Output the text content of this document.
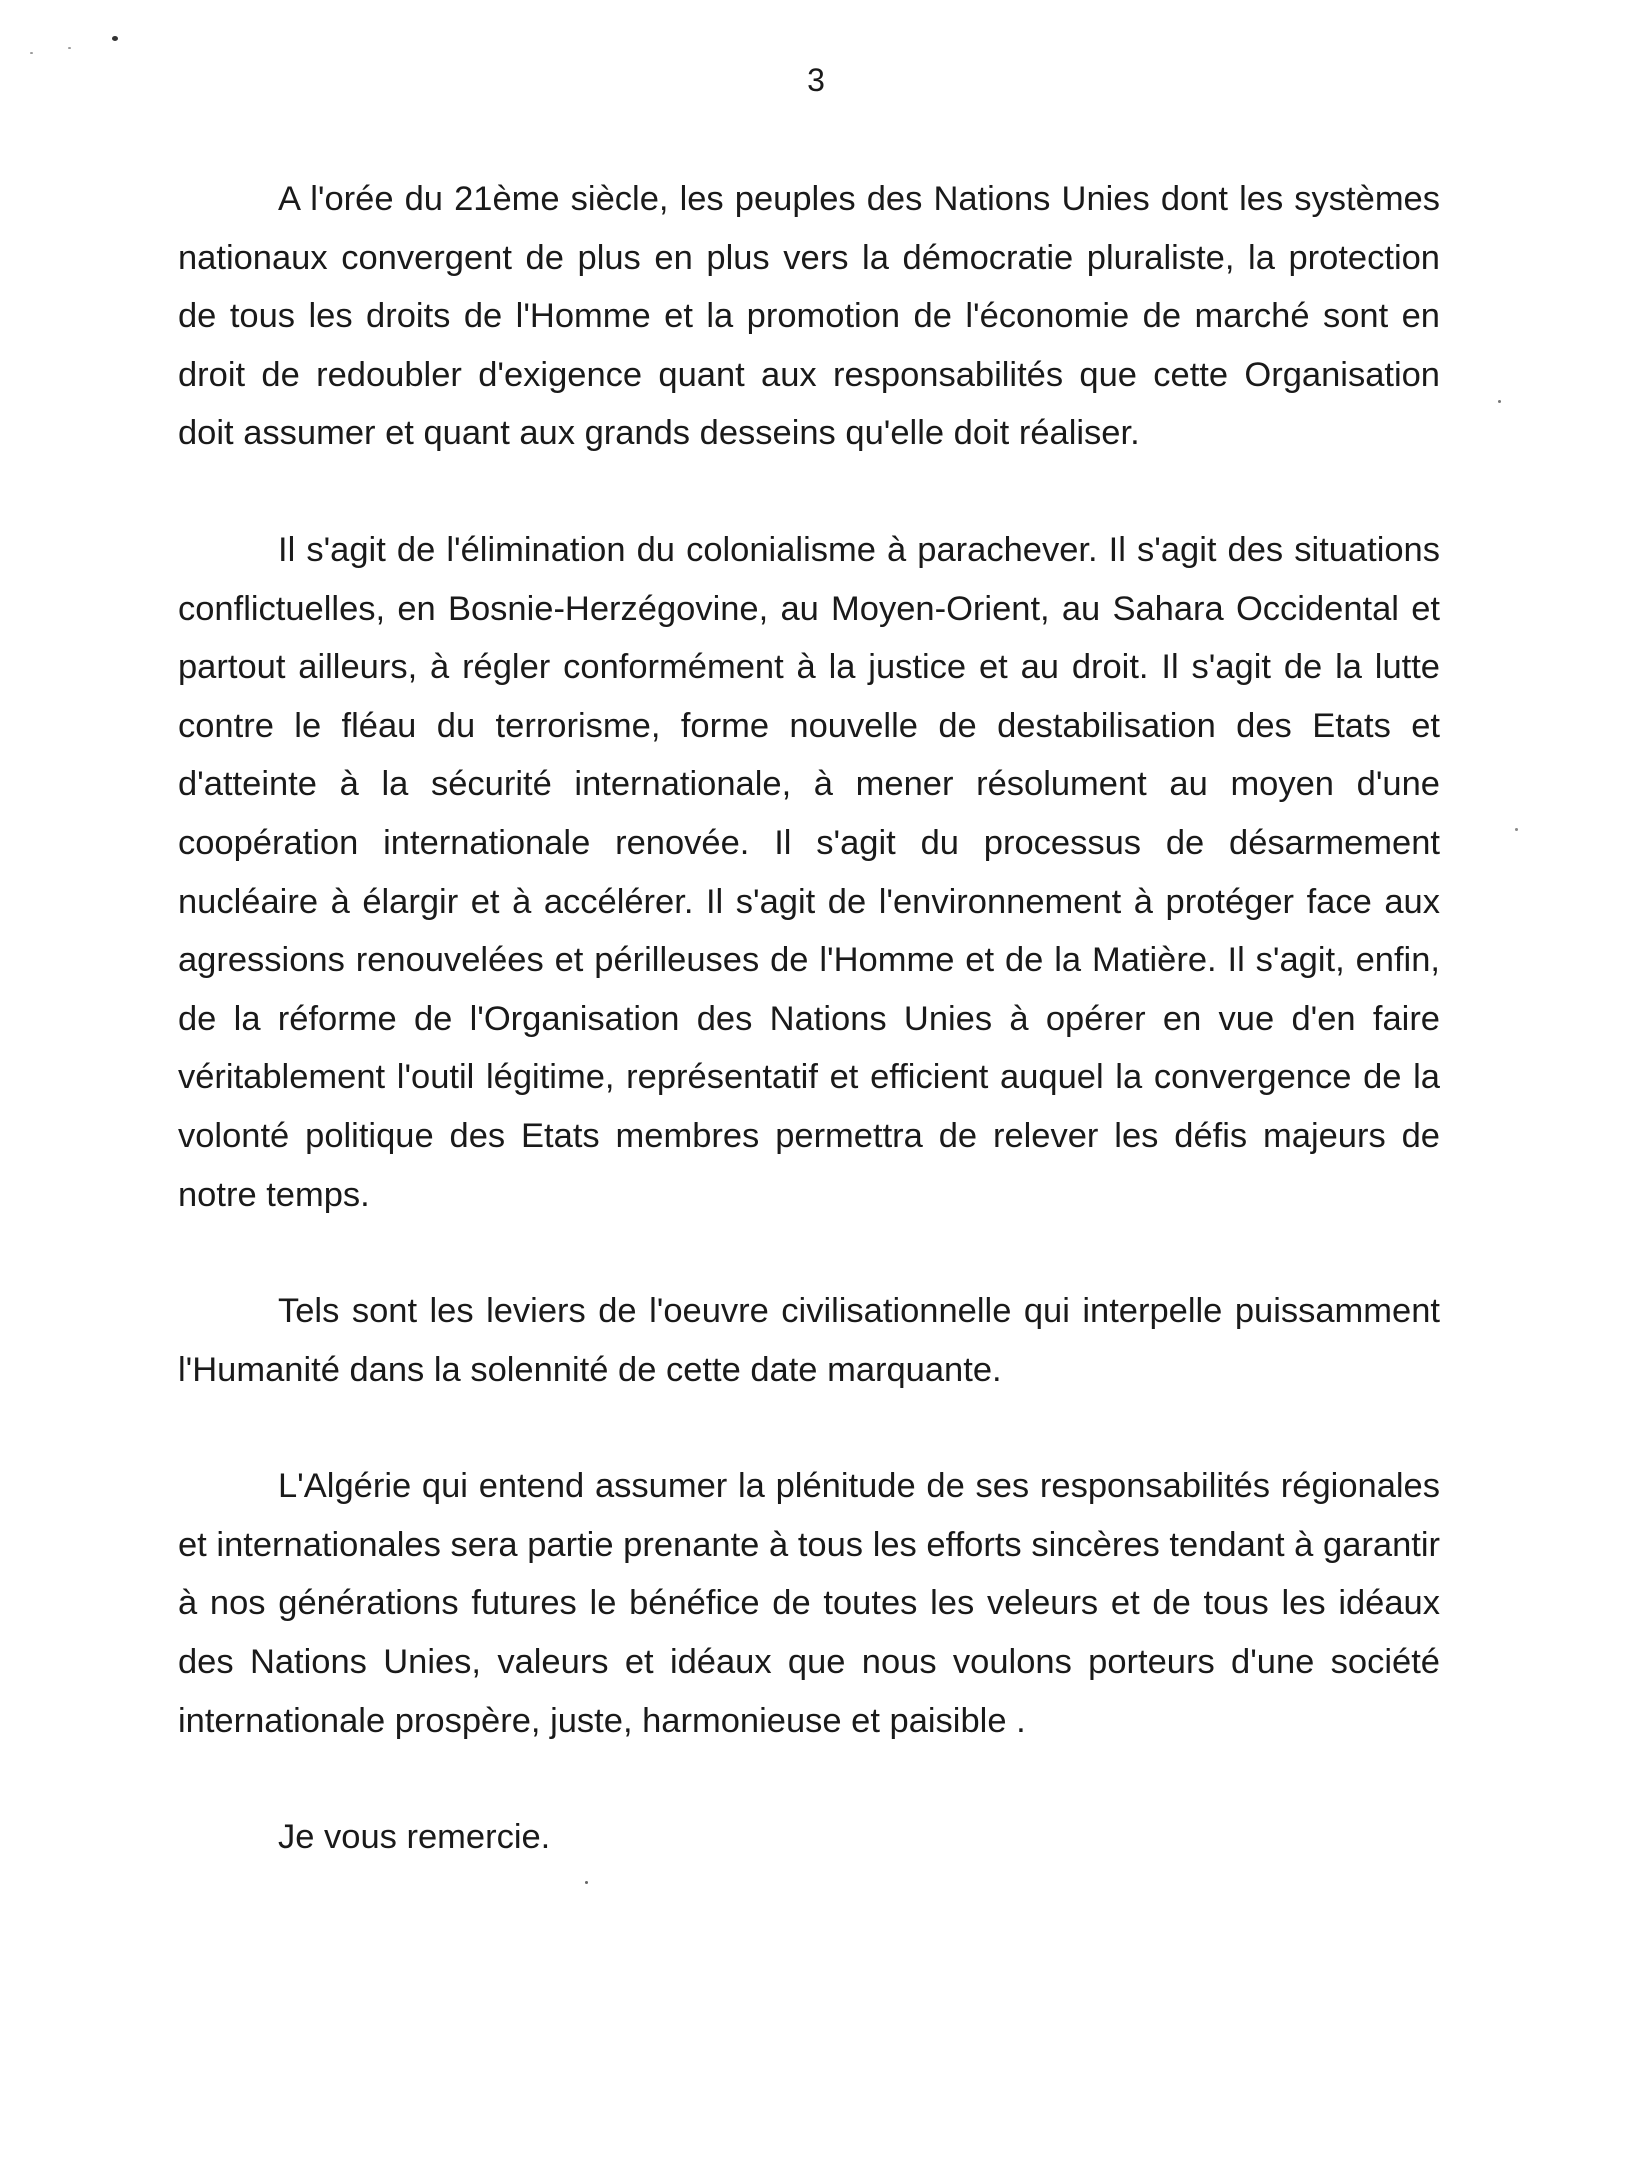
3

A l'orée du 21ème siècle, les peuples des Nations Unies dont les systèmes nationaux convergent de plus en plus vers la démocratie pluraliste, la protection de tous les droits de l'Homme et la promotion de l'économie de marché sont en droit de redoubler d'exigence quant aux responsabilités que cette Organisation doit assumer et quant aux grands desseins qu'elle doit réaliser.

Il s'agit de l'élimination du colonialisme à parachever. Il s'agit des situations conflictuelles, en Bosnie-Herzégovine, au Moyen-Orient, au Sahara Occidental et partout ailleurs, à régler conformément à la justice et au droit. Il s'agit de la lutte contre le fléau du terrorisme, forme nouvelle de destabilisation des Etats et d'atteinte à la sécurité internationale, à mener résolument au moyen d'une coopération internationale renovée. Il s'agit du processus de désarmement nucléaire à élargir et à accélérer. Il s'agit de l'environnement à protéger face aux agressions renouvelées et périlleuses de l'Homme et de la Matière. Il s'agit, enfin, de la réforme de l'Organisation des Nations Unies à opérer en vue d'en faire véritablement l'outil légitime, représentatif et efficient auquel la convergence de la volonté politique des Etats membres permettra de relever les défis majeurs de notre temps.

Tels sont les leviers de l'oeuvre civilisationnelle qui interpelle puissamment l'Humanité dans la solennité de cette date marquante.

L'Algérie qui entend assumer la plénitude de ses responsabilités régionales et internationales sera partie prenante à tous les efforts sincères tendant à garantir à nos générations futures le bénéfice de toutes les veleurs et de tous les idéaux des Nations Unies, valeurs et idéaux que nous voulons porteurs d'une société internationale prospère, juste, harmonieuse et paisible .

Je vous remercie.
